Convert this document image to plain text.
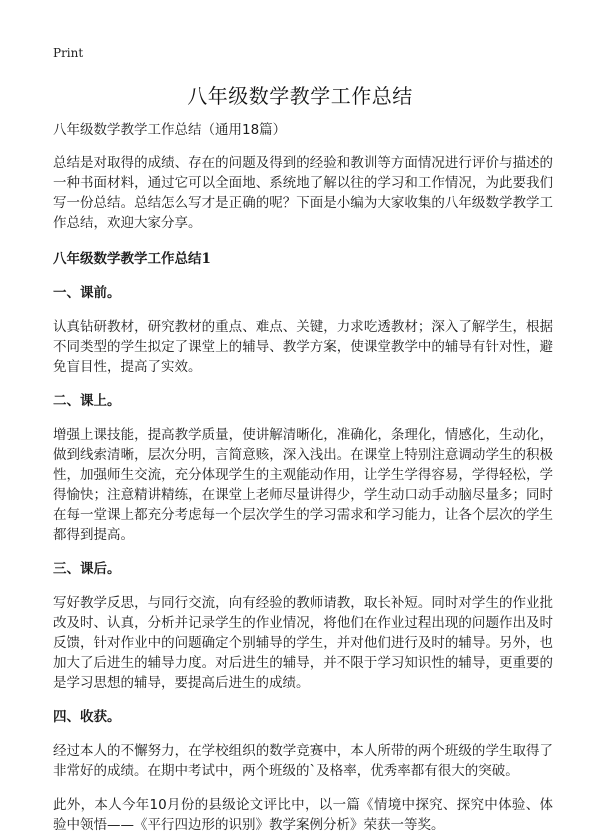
Print
八年级数学教学工作总结

八年级数学教学工作总结（通用18篇）

总结是对取得的成绩、存在的问题及得到的经验和教训等方面情况进行评价与描述的一种书面材料，通过它可以全面地、系统地了解以往的学习和工作情况，为此要我们写一份总结。总结怎么写才是正确的呢？下面是小编为大家收集的八年级数学教学工作总结，欢迎大家分享。

八年级数学教学工作总结1

一、课前。

认真钻研教材，研究教材的重点、难点、关键，力求吃透教材；深入了解学生，根据不同类型的学生拟定了课堂上的辅导、教学方案，使课堂教学中的辅导有针对性，避免盲目性，提高了实效。

二、课上。

增强上课技能，提高教学质量，使讲解清晰化，准确化，条理化，情感化，生动化，做到线索清晰，层次分明，言简意赅，深入浅出。在课堂上特别注意调动学生的积极性，加强师生交流，充分体现学生的主观能动作用，让学生学得容易，学得轻松，学得愉快；注意精讲精练，在课堂上老师尽量讲得少，学生动口动手动脑尽量多；同时在每一堂课上都充分考虑每一个层次学生的学习需求和学习能力，让各个层次的学生都得到提高。

三、课后。

写好教学反思，与同行交流，向有经验的教师请教，取长补短。同时对学生的作业批改及时、认真，分析并记录学生的作业情况，将他们在作业过程出现的问题作出及时反馈，针对作业中的问题确定个别辅导的学生，并对他们进行及时的辅导。另外，也加大了后进生的辅导力度。对后进生的辅导，并不限于学习知识性的辅导，更重要的是学习思想的辅导，要提高后进生的成绩。

四、收获。

经过本人的不懈努力，在学校组织的数学竞赛中，本人所带的两个班级的学生取得了非常好的成绩。在期中考试中，两个班级的`及格率，优秀率都有很大的突破。

此外，本人今年10月份的县级论文评比中，以一篇《情境中探究、探究中体验、体验中领悟——《平行四边形的识别》教学案例分析》荣获一等奖。
